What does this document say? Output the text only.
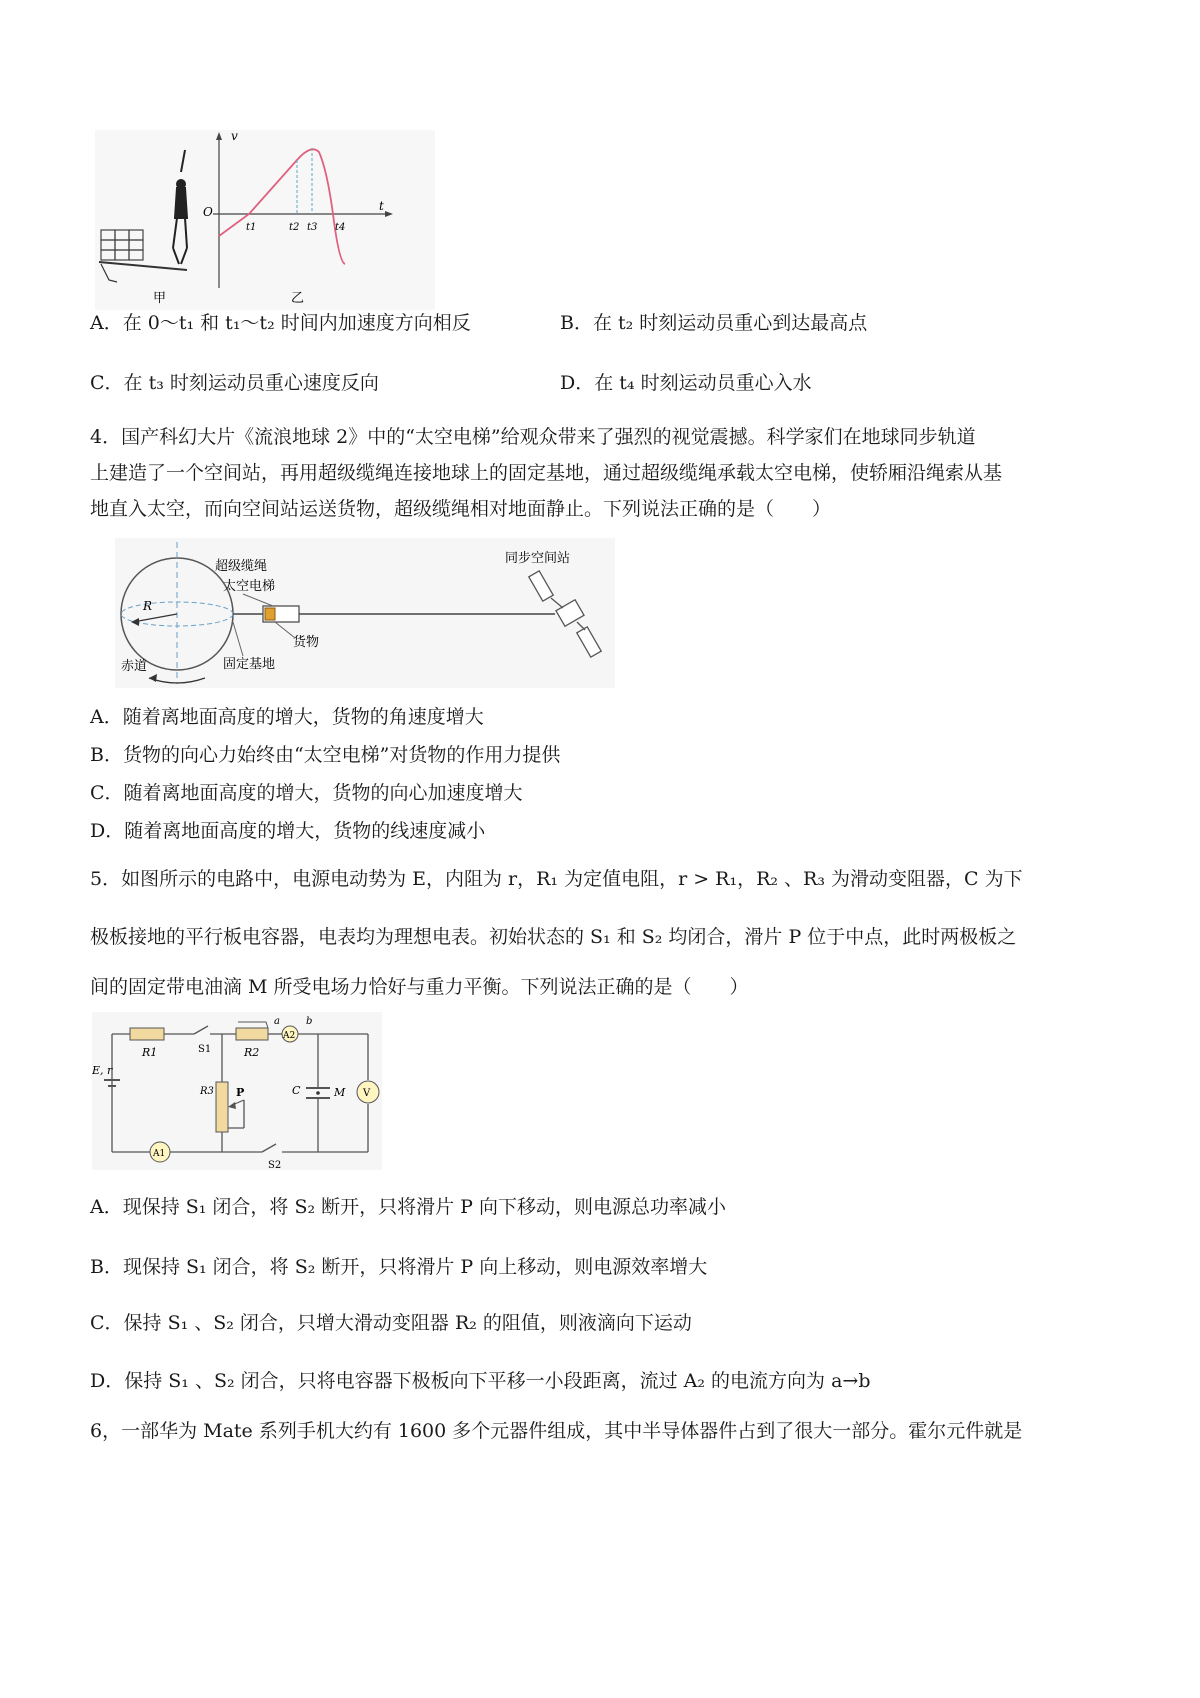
甲
v
t
O
t1	t2 t3 t4
乙
A．在 0～t₁ 和 t₁～t₂ 时间内加速度方向相反	B．在 t₂ 时刻运动员重心到达最高点
C．在 t₃ 时刻运动员重心速度反向	D．在 t₄ 时刻运动员重心入水
4．国产科幻大片《流浪地球 2》中的“太空电梯”给观众带来了强烈的视觉震撼。科学家们在地球同步轨道
上建造了一个空间站，再用超级缆绳连接地球上的固定基地，通过超级缆绳承载太空电梯，使轿厢沿绳索从基
地直入太空，而向空间站运送货物，超级缆绳相对地面静止。下列说法正确的是（　　）
R
赤道
超级缆绳
太空电梯
货物
固定基地
同步空间站
A．随着离地面高度的增大，货物的角速度增大
B．货物的向心力始终由“太空电梯”对货物的作用力提供
C．随着离地面高度的增大，货物的向心加速度增大
D．随着离地面高度的增大，货物的线速度减小
5．如图所示的电路中，电源电动势为 E，内阻为 r，R₁ 为定值电阻，r > R₁，R₂ 、R₃ 为滑动变阻器，C 为下
极板接地的平行板电容器，电表均为理想电表。初始状态的 S₁ 和 S₂ 均闭合，滑片 P 位于中点，此时两极板之
间的固定带电油滴 M 所受电场力恰好与重力平衡。下列说法正确的是（　　）
E, r
R1	S1	R2
A2
a	b
R3 P	C	M V
A1
S2
A．现保持 S₁ 闭合，将 S₂ 断开，只将滑片 P 向下移动，则电源总功率减小
B．现保持 S₁ 闭合，将 S₂ 断开，只将滑片 P 向上移动，则电源效率增大
C．保持 S₁ 、S₂ 闭合，只增大滑动变阻器 R₂ 的阻值，则液滴向下运动
D．保持 S₁ 、S₂ 闭合，只将电容器下极板向下平移一小段距离，流过 A₂ 的电流方向为 a→b
6，一部华为 Mate 系列手机大约有 1600 多个元器件组成，其中半导体器件占到了很大一部分。霍尔元件就是
